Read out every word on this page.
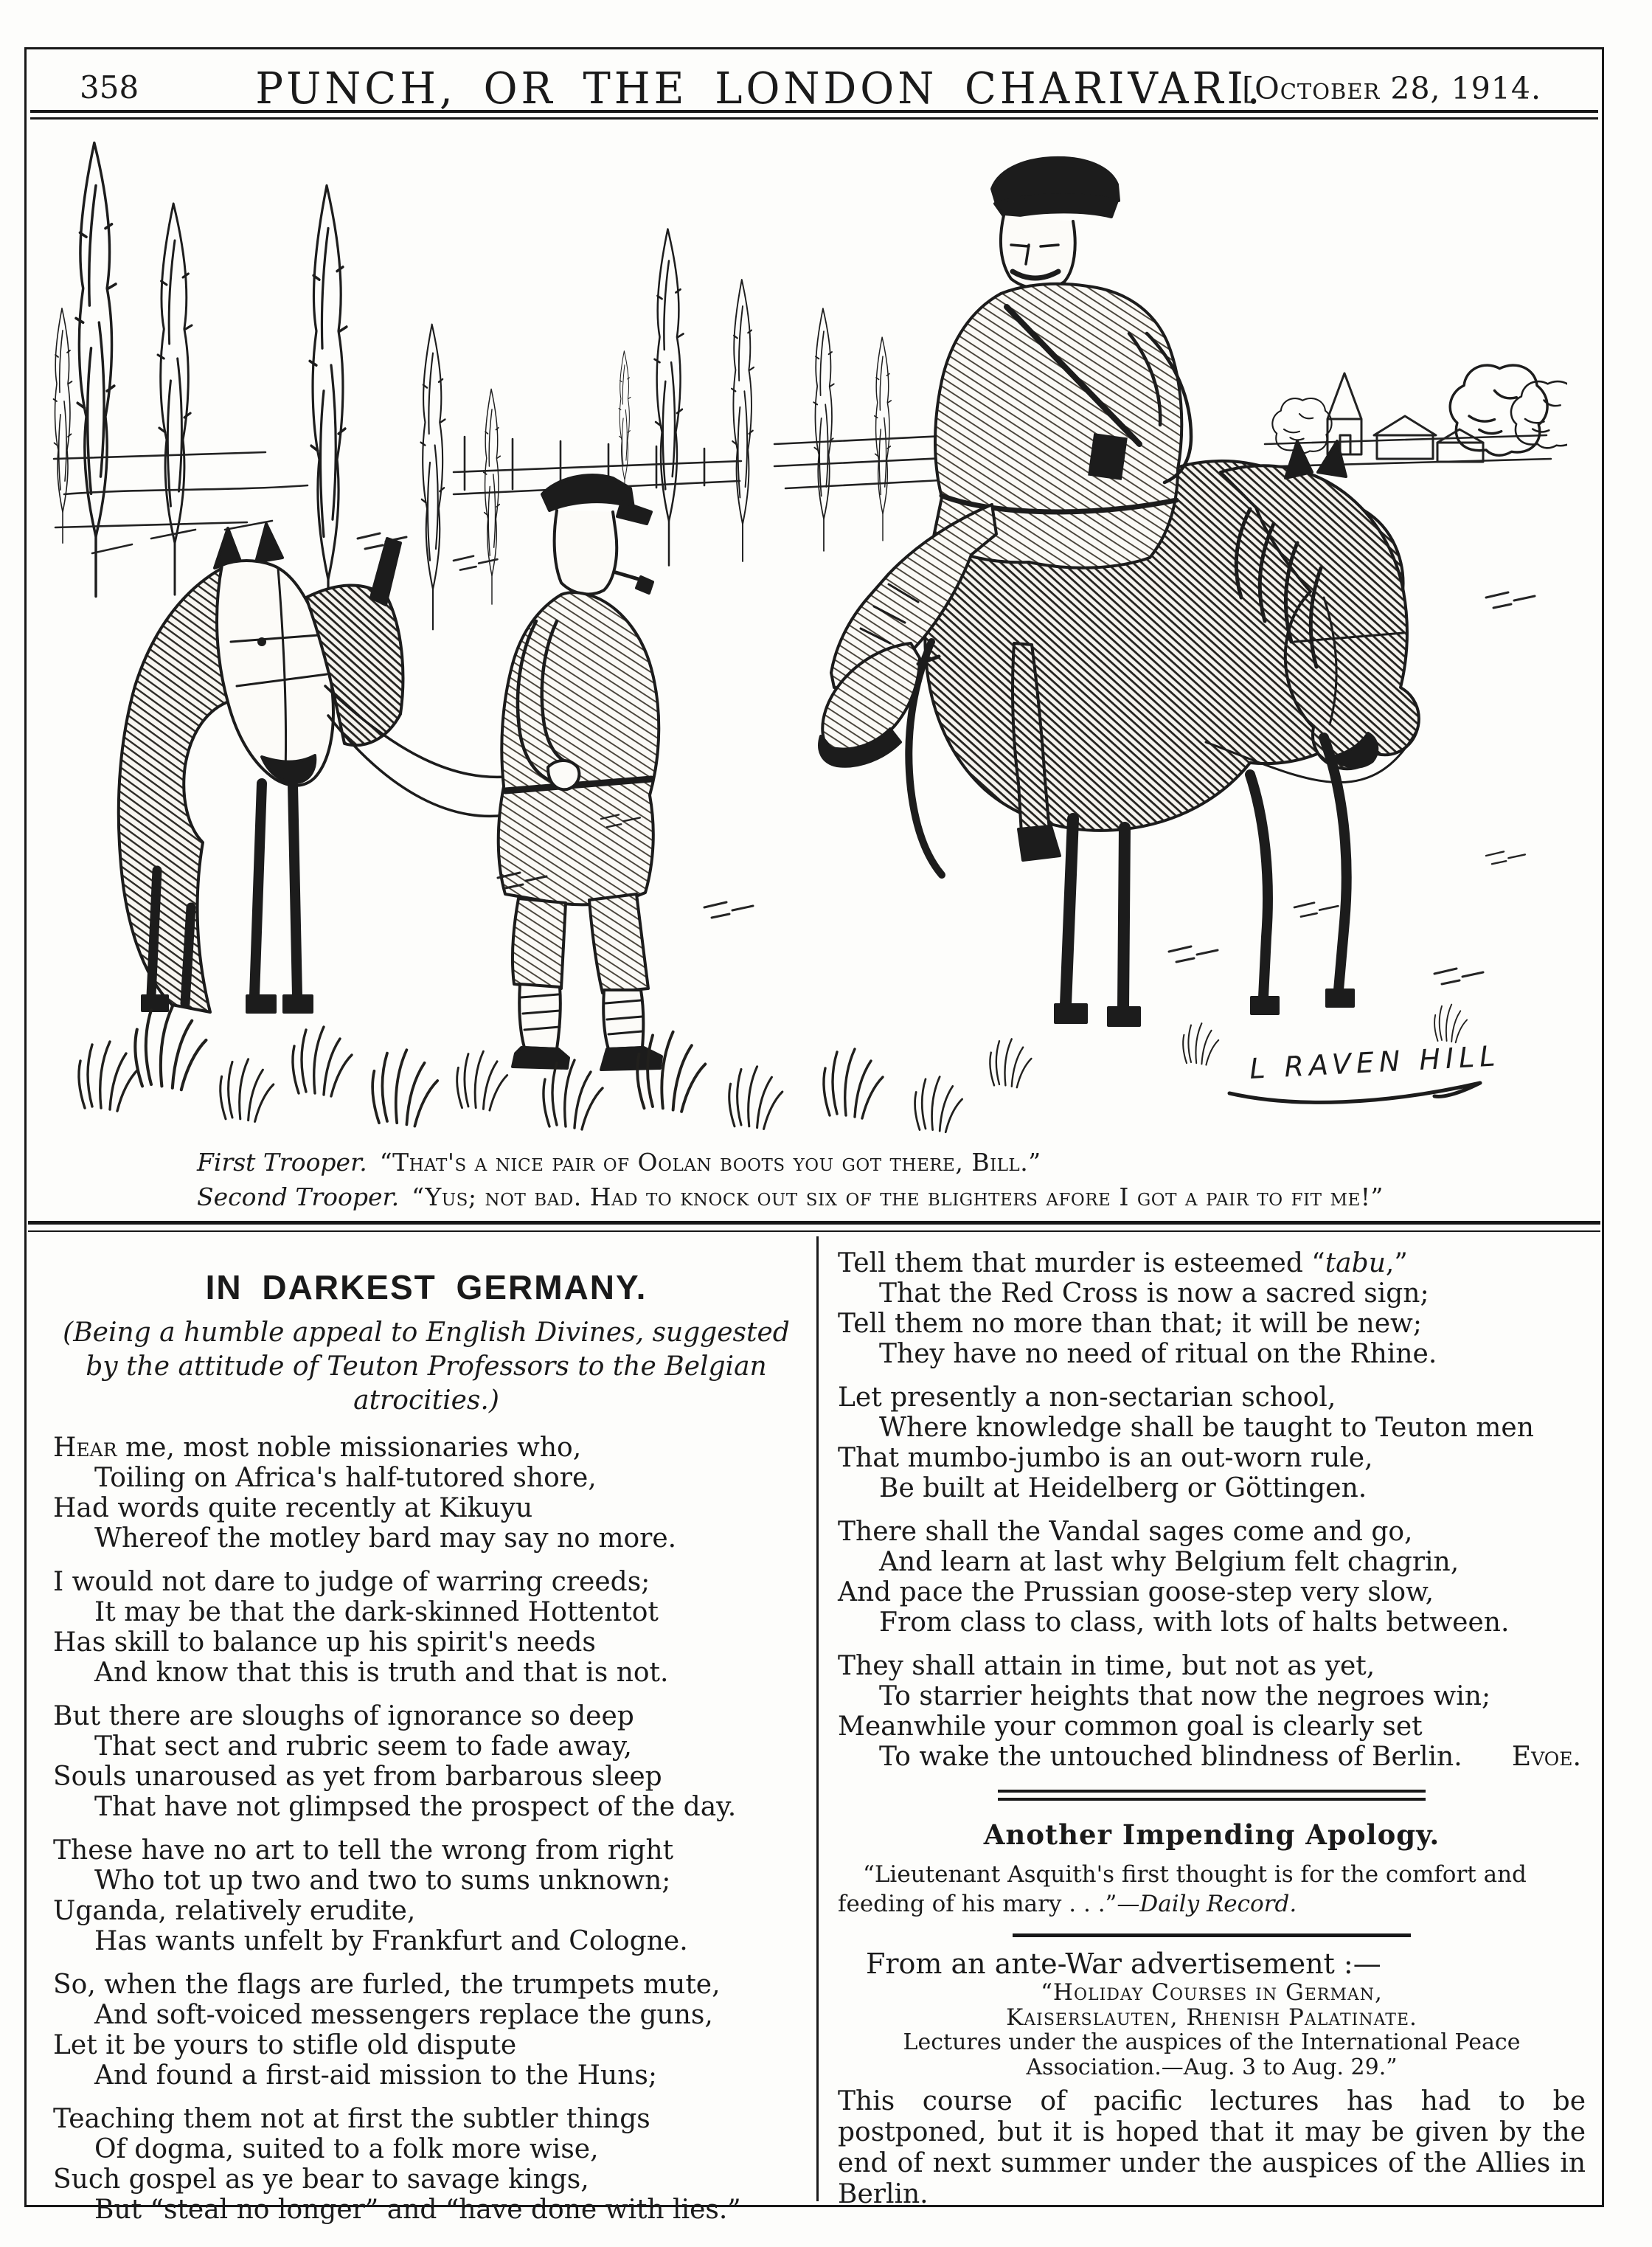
358	PUNCH, OR THE LONDON CHARIVARI.
[October 28, 1914.
L RAVEN HILL
First Trooper. “That's a nice pair of Oolan boots you got there, Bill.”
Second Trooper. “Yus; not bad. Had to knock out six of the blighters afore I got a pair to fit me!”
IN DARKEST GERMANY.

(Being a humble appeal to English Divines, suggested by the attitude of Teuton Professors to the Belgian atrocities.)

Hear me, most noble missionaries who,
Toiling on Africa's half-tutored shore,
Had words quite recently at Kikuyu
Whereof the motley bard may say no more.
I would not dare to judge of warring creeds;
It may be that the dark-skinned Hottentot
Has skill to balance up his spirit's needs
And know that this is truth and that is not.
But there are sloughs of ignorance so deep
That sect and rubric seem to fade away,
Souls unaroused as yet from barbarous sleep
That have not glimpsed the prospect of the day.
These have no art to tell the wrong from right
Who tot up two and two to sums unknown;
Uganda, relatively erudite,
Has wants unfelt by Frankfurt and Cologne.
So, when the flags are furled, the trumpets mute,
And soft-voiced messengers replace the guns,
Let it be yours to stifle old dispute
And found a first-aid mission to the Huns;
Teaching them not at first the subtler things
Of dogma, suited to a folk more wise,
Such gospel as ye bear to savage kings,
But “steal no longer” and “have done with lies.”
Tell them that murder is esteemed “tabu,”
That the Red Cross is now a sacred sign;
Tell them no more than that; it will be new;
They have no need of ritual on the Rhine.
Let presently a non-sectarian school,
Where knowledge shall be taught to Teuton men
That mumbo-jumbo is an out-worn rule,
Be built at Heidelberg or Göttingen.
There shall the Vandal sages come and go,
And learn at last why Belgium felt chagrin,
And pace the Prussian goose-step very slow,
From class to class, with lots of halts between.
They shall attain in time, but not as yet,
To starrier heights that now the negroes win;
Meanwhile your common goal is clearly set
To wake the untouched blindness of Berlin. Evoe.
Another Impending Apology.

“Lieutenant Asquith's first thought is for the comfort and feeding of his mary . . .”—Daily Record.

From an ante-War advertisement :—

“Holiday Courses in German,
Kaiserslauten, Rhenish Palatinate.
Lectures under the auspices of the International Peace
Association.—Aug. 3 to Aug. 29.”

This course of pacific lectures has had to be postponed, but it is hoped that it may be given by the end of next summer under the auspices of the Allies in Berlin.
